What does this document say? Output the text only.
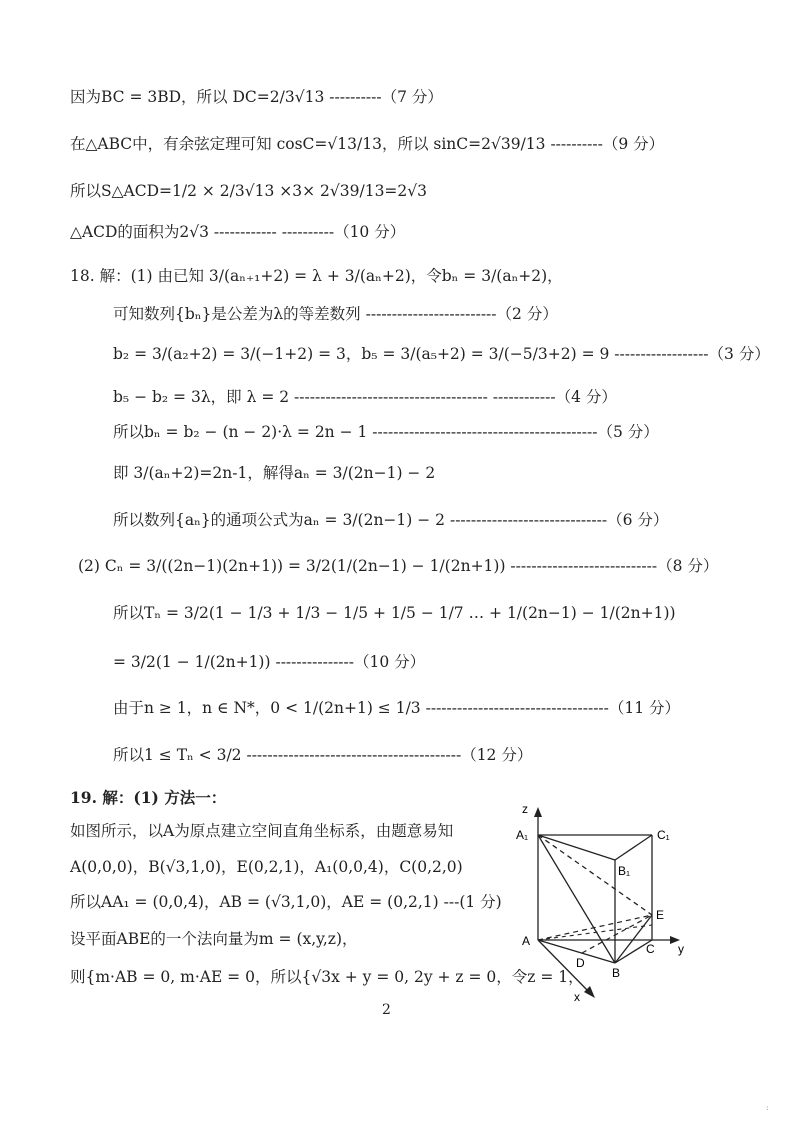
因为BC = 3BD，所以 DC=2/3√13 ----------（7 分）
在△ABC中，有余弦定理可知 cosC=√13/13，所以 sinC=2√39/13 ----------（9 分）
所以S△ACD=1/2 × 2/3√13 ×3× 2√39/13=2√3
△ACD的面积为2√3 ------------ ----------（10 分）
18. 解：(1) 由已知 3/(aₙ₊₁+2) = λ + 3/(aₙ+2)，令bₙ = 3/(aₙ+2)，
可知数列{bₙ}是公差为λ的等差数列 -------------------------（2 分）
b₂ = 3/(a₂+2) = 3/(−1+2) = 3，b₅ = 3/(a₅+2) = 3/(−5/3+2) = 9 ------------------（3 分）
b₅ − b₂ = 3λ，即 λ = 2 ------------------------------------- ------------（4 分）
所以bₙ = b₂ − (n − 2)·λ = 2n − 1 -------------------------------------------（5 分）
即 3/(aₙ+2)=2n-1，解得aₙ = 3/(2n−1) − 2
所以数列{aₙ}的通项公式为aₙ = 3/(2n−1) − 2 ------------------------------（6 分）
(2) Cₙ = 3/((2n−1)(2n+1)) = 3/2(1/(2n−1) − 1/(2n+1)) ----------------------------（8 分）
所以Tₙ = 3/2(1 − 1/3 + 1/3 − 1/5 + 1/5 − 1/7 … + 1/(2n−1) − 1/(2n+1))
= 3/2(1 − 1/(2n+1)) ---------------（10 分）
由于n ≥ 1，n ∈ N*，0 < 1/(2n+1) ≤ 1/3 -----------------------------------（11 分）
所以1 ≤ Tₙ < 3/2 -----------------------------------------（12 分）
19. 解：(1) 方法一：
如图所示，以A为原点建立空间直角坐标系，由题意易知
A(0,0,0)，B(√3,1,0)，E(0,2,1)，A₁(0,0,4)，C(0,2,0)
所以AA₁ = (0,0,4)，AB = (√3,1,0)，AE = (0,2,1) ---(1 分)
设平面ABE的一个法向量为m = (x,y,z)，
则{m·AB = 0, m·AE = 0，所以{√3x + y = 0, 2y + z = 0，令z = 1，
z
A₁	C₁
B₁
E
A
C y
D
B
x
2
:
